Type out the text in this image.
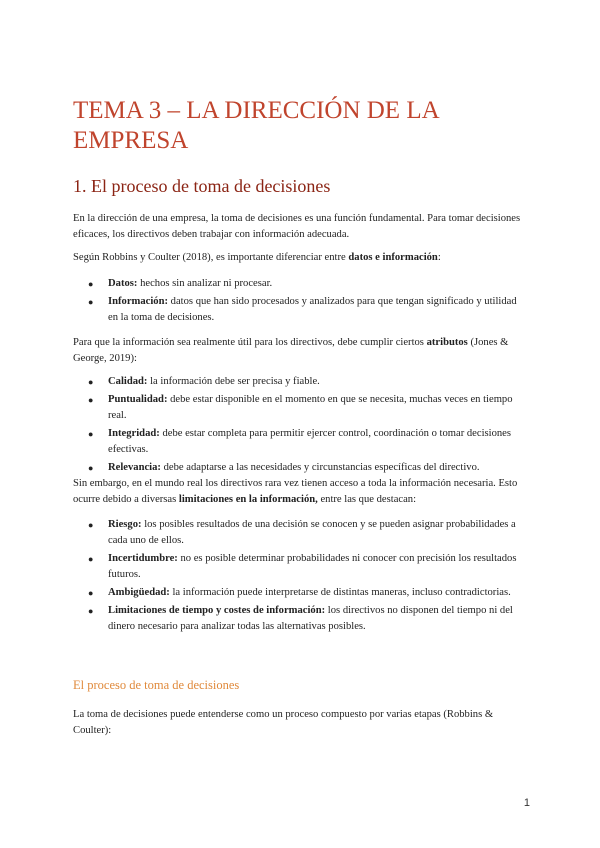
TEMA 3 – LA DIRECCIÓN DE LA
EMPRESA
1. El proceso de toma de decisiones

En la dirección de una empresa, la toma de decisiones es una función fundamental. Para tomar decisiones eficaces, los directivos deben trabajar con información adecuada.

Según Robbins y Coulter (2018), es importante diferenciar entre datos e información:

● Datos: hechos sin analizar ni procesar.
● Información: datos que han sido procesados y analizados para que tengan significado y utilidad en la toma de decisiones.

Para que la información sea realmente útil para los directivos, debe cumplir ciertos atributos (Jones & George, 2019):

● Calidad: la información debe ser precisa y fiable.
● Puntualidad: debe estar disponible en el momento en que se necesita, muchas veces en tiempo real.
● Integridad: debe estar completa para permitir ejercer control, coordinación o tomar decisiones efectivas.
● Relevancia: debe adaptarse a las necesidades y circunstancias específicas del directivo.

Sin embargo, en el mundo real los directivos rara vez tienen acceso a toda la información necesaria. Esto ocurre debido a diversas limitaciones en la información, entre las que destacan:

● Riesgo: los posibles resultados de una decisión se conocen y se pueden asignar probabilidades a cada uno de ellos.
● Incertidumbre: no es posible determinar probabilidades ni conocer con precisión los resultados futuros.
● Ambigüedad: la información puede interpretarse de distintas maneras, incluso contradictorias.
● Limitaciones de tiempo y costes de información: los directivos no disponen del tiempo ni del dinero necesario para analizar todas las alternativas posibles.
El proceso de toma de decisiones

La toma de decisiones puede entenderse como un proceso compuesto por varias etapas (Robbins & Coulter):

1
